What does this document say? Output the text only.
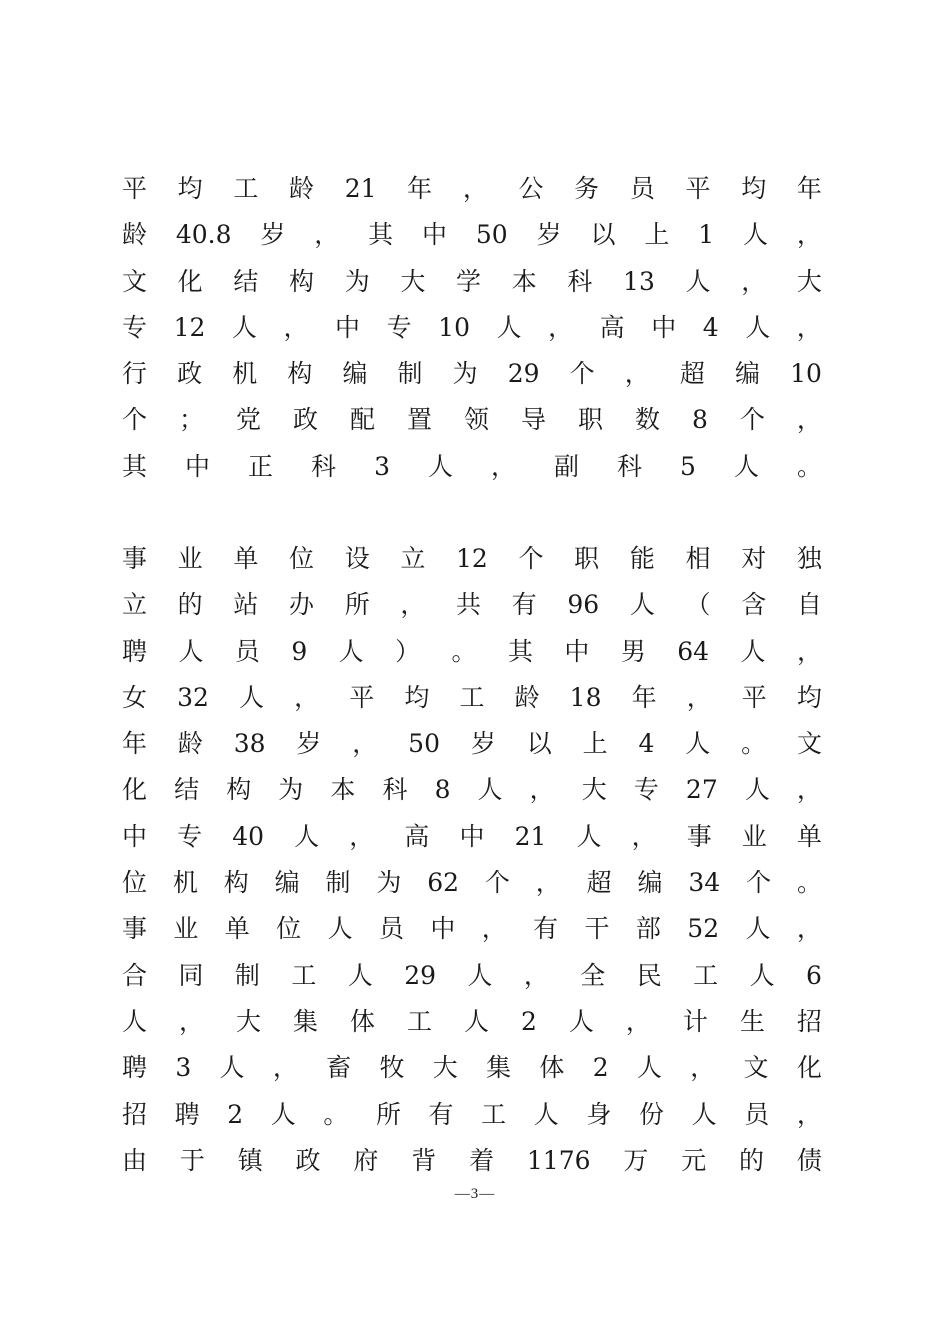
平 均 工 龄 21 年 ， 公 务 员 平 均 年
龄 40.8 岁 ， 其 中 50 岁 以 上 1 人 ，
文 化 结 构 为 大 学 本 科 13 人 ， 大
专 12 人 ， 中 专 10 人 ， 高 中 4 人 ，
行 政 机 构 编 制 为 29 个 ， 超 编 10
个 ； 党 政 配 置 领 导 职 数 8 个 ，
其 中 正 科 3 人 ， 副 科 5 人 。
事 业 单 位 设 立 12 个 职 能 相 对 独
立 的 站 办 所 ， 共 有 96 人 （ 含 自
聘 人 员 9 人 ） 。 其 中 男 64 人 ，
女 32 人 ， 平 均 工 龄 18 年 ， 平 均
年 龄 38 岁 ， 50 岁 以 上 4 人 。 文
化 结 构 为 本 科 8 人 ， 大 专 27 人 ，
中 专 40 人 ， 高 中 21 人 ， 事 业 单
位 机 构 编 制 为 62 个 ， 超 编 34 个 。
事 业 单 位 人 员 中 ， 有 干 部 52 人 ，
合 同 制 工 人 29 人 ， 全 民 工 人 6
人 ， 大 集 体 工 人 2 人 ， 计 生 招
聘 3 人 ， 畜 牧 大 集 体 2 人 ， 文 化
招 聘 2 人 。 所 有 工 人 身 份 人 员 ，
由 于 镇 政 府 背 着 1176 万 元 的 债
—3—
